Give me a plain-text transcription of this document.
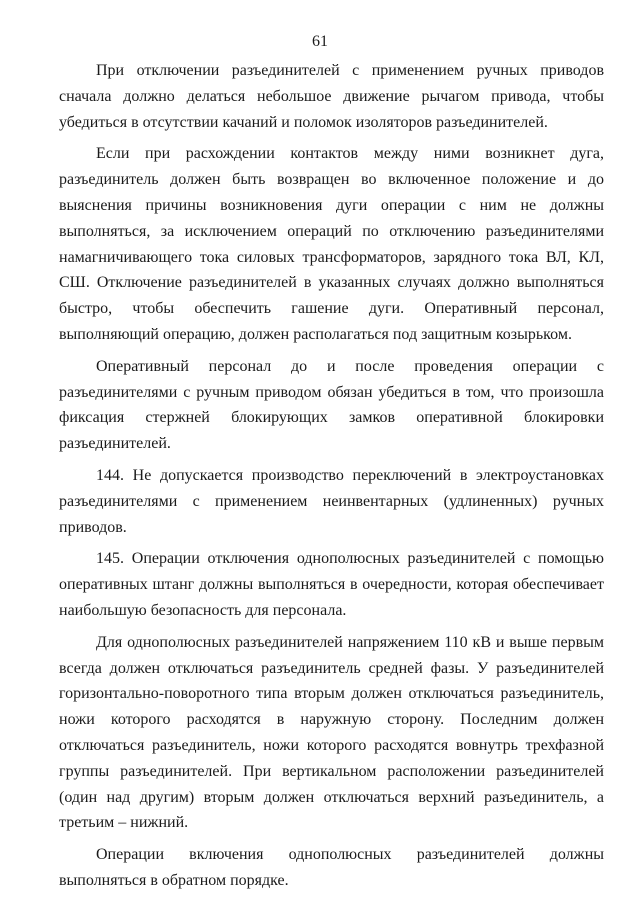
61

При отключении разъединителей с применением ручных приводов сначала должно делаться небольшое движение рычагом привода, чтобы убедиться в отсутствии качаний и поломок изоляторов разъединителей.

Если при расхождении контактов между ними возникнет дуга, разъединитель должен быть возвращен во включенное положение и до выяснения причины возникновения дуги операции с ним не должны выполняться, за исключением операций по отключению разъединителями намагничивающего тока силовых трансформаторов, зарядного тока ВЛ, КЛ, СШ. Отключение разъединителей в указанных случаях должно выполняться быстро, чтобы обеспечить гашение дуги. Оперативный персонал, выполняющий операцию, должен располагаться под защитным козырьком.

Оперативный персонал до и после проведения операции с разъединителями с ручным приводом обязан убедиться в том, что произошла фиксация стержней блокирующих замков оперативной блокировки разъединителей.

144. Не допускается производство переключений в электроустановках разъединителями с применением неинвентарных (удлиненных) ручных приводов.

145. Операции отключения однополюсных разъединителей с помощью оперативных штанг должны выполняться в очередности, которая обеспечивает наибольшую безопасность для персонала.

Для однополюсных разъединителей напряжением 110 кВ и выше первым всегда должен отключаться разъединитель средней фазы. У разъединителей горизонтально-поворотного типа вторым должен отключаться разъединитель, ножи которого расходятся в наружную сторону. Последним должен отключаться разъединитель, ножи которого расходятся вовнутрь трехфазной группы разъединителей. При вертикальном расположении разъединителей (один над другим) вторым должен отключаться верхний разъединитель, а третьим – нижний.

Операции включения однополюсных разъединителей должны выполняться в обратном порядке.
